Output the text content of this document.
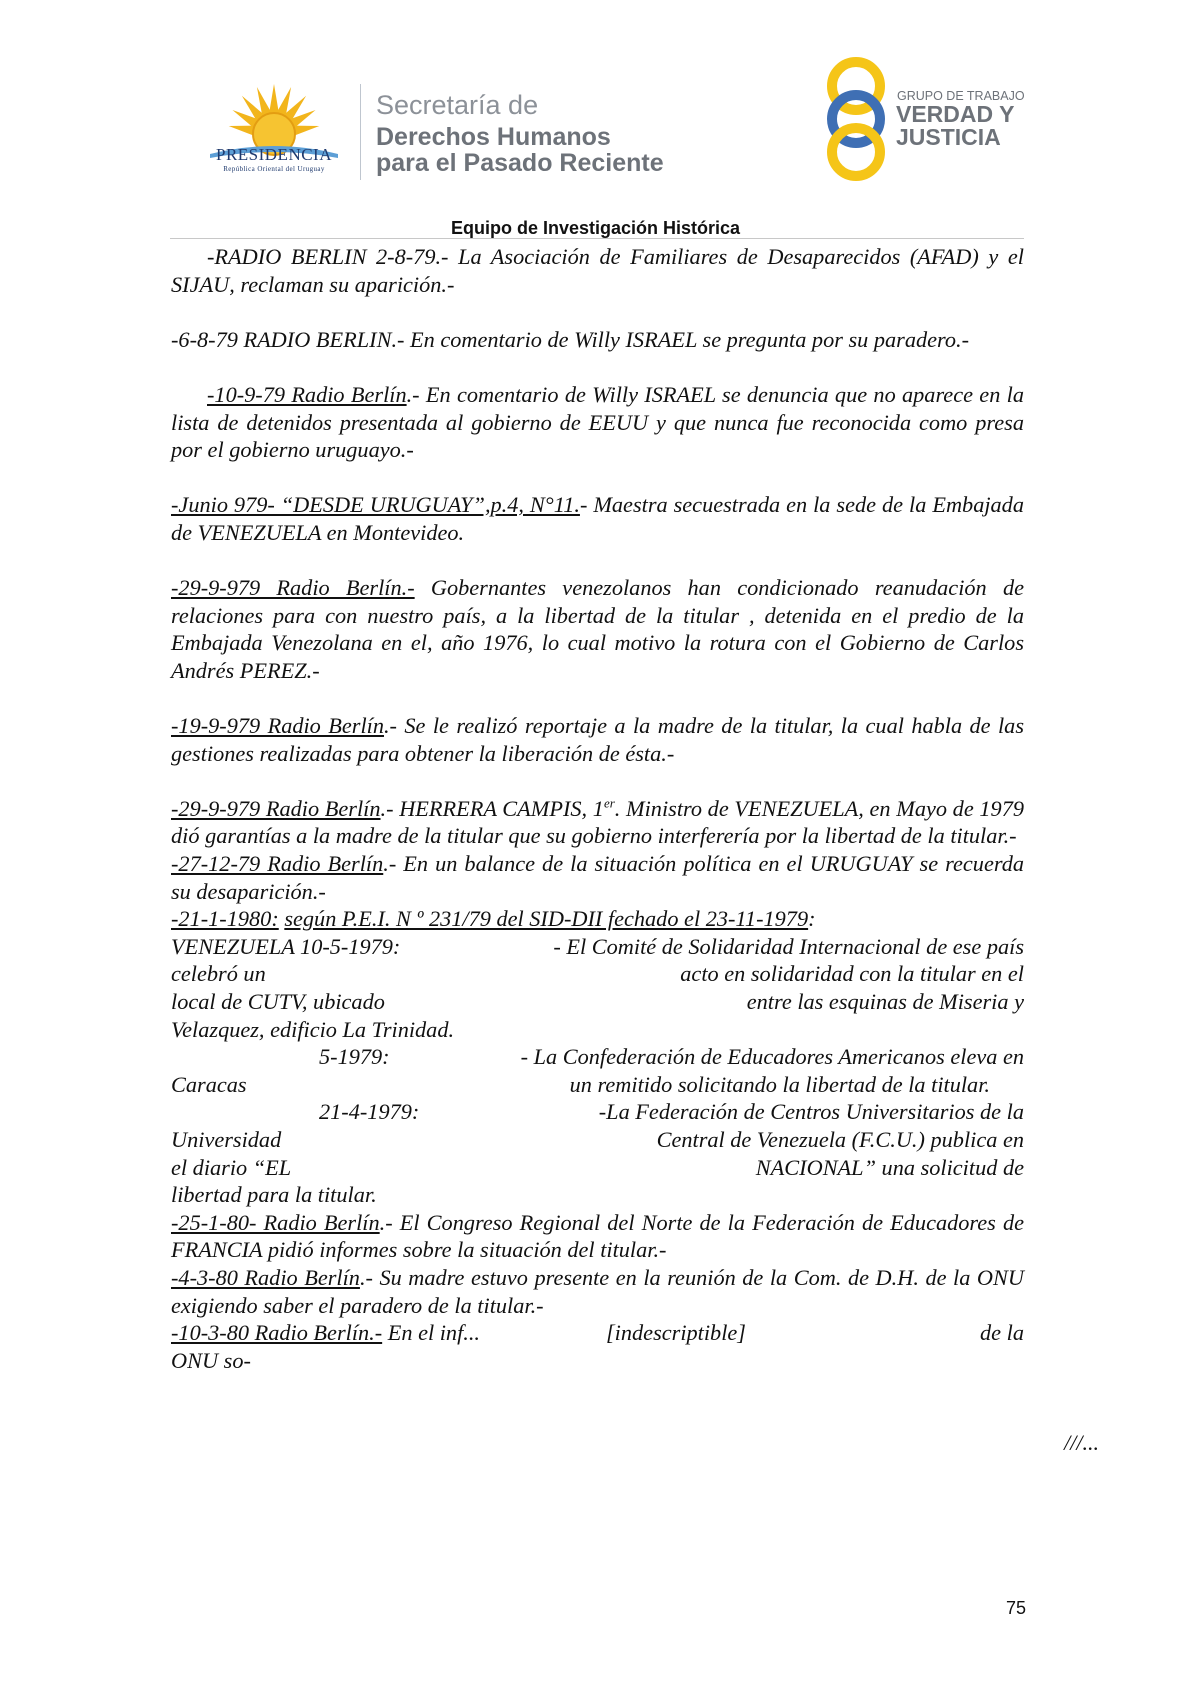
PRESIDENCIA
República Oriental del Uruguay
Secretaría de
Derechos Humanos
para el Pasado Reciente
GRUPO DE TRABAJO
VERDAD Y
JUSTICIA
Equipo de Investigación Histórica

-RADIO BERLIN 2-8-79.- La Asociación de Familiares de Desaparecidos (AFAD) y el SIJAU, reclaman su aparición.-

-6-8-79 RADIO BERLIN.- En comentario de Willy ISRAEL se pregunta por su paradero.-

-10-9-79 Radio Berlín.- En comentario de Willy ISRAEL se denuncia que no aparece en la lista de detenidos presentada al gobierno de EEUU y que nunca fue reconocida como presa por el gobierno uruguayo.-

-Junio 979- “DESDE URUGUAY”,p.4, N°11.- Maestra secuestrada en la sede de la Embajada de VENEZUELA en Montevideo.

-29-9-979 Radio Berlín.- Gobernantes venezolanos han condicionado reanudación de relaciones para con nuestro país, a la libertad de la titular , detenida en el predio de la Embajada Venezolana en el, año 1976, lo cual motivo la rotura con el Gobierno de Carlos Andrés PEREZ.-

-19-9-979 Radio Berlín.- Se le realizó reportaje a la madre de la titular, la cual habla de las gestiones realizadas para obtener la liberación de ésta.-

-29-9-979 Radio Berlín.- HERRERA CAMPIS, 1er. Ministro de VENEZUELA, en Mayo de 1979 dió garantías a la madre de la titular que su gobierno interferería por la libertad de la titular.-

-27-12-79 Radio Berlín.- En un balance de la situación política en el URUGUAY se recuerda su desaparición.-

-21-1-1980: según P.E.I. N º 231/79 del SID-DII fechado el 23-11-1979:

VENEZUELA 10-5-1979:	- El Comité de Solidaridad Internacional de ese país
celebró un	acto en solidaridad con la titular en el
local de CUTV, ubicado	entre las esquinas de Miseria y
Velazquez, edificio La Trinidad.
5-1979:	- La Confederación de Educadores Americanos eleva en
Caracas	un remitido solicitando la libertad de la titular.
21-4-1979:	-La Federación de Centros Universitarios de la
Universidad	Central de Venezuela (F.C.U.) publica en
el diario “EL	NACIONAL” una solicitud de
libertad para la titular.

-25-1-80- Radio Berlín.- El Congreso Regional del Norte de la Federación de Educadores de FRANCIA pidió informes sobre la situación del titular.-

-4-3-80 Radio Berlín.- Su madre estuvo presente en la reunión de la Com. de D.H. de la ONU exigiendo saber el paradero de la titular.-

-10-3-80 Radio Berlín.- En el inf...	[indescriptible]	de la
ONU so-
///...
75
